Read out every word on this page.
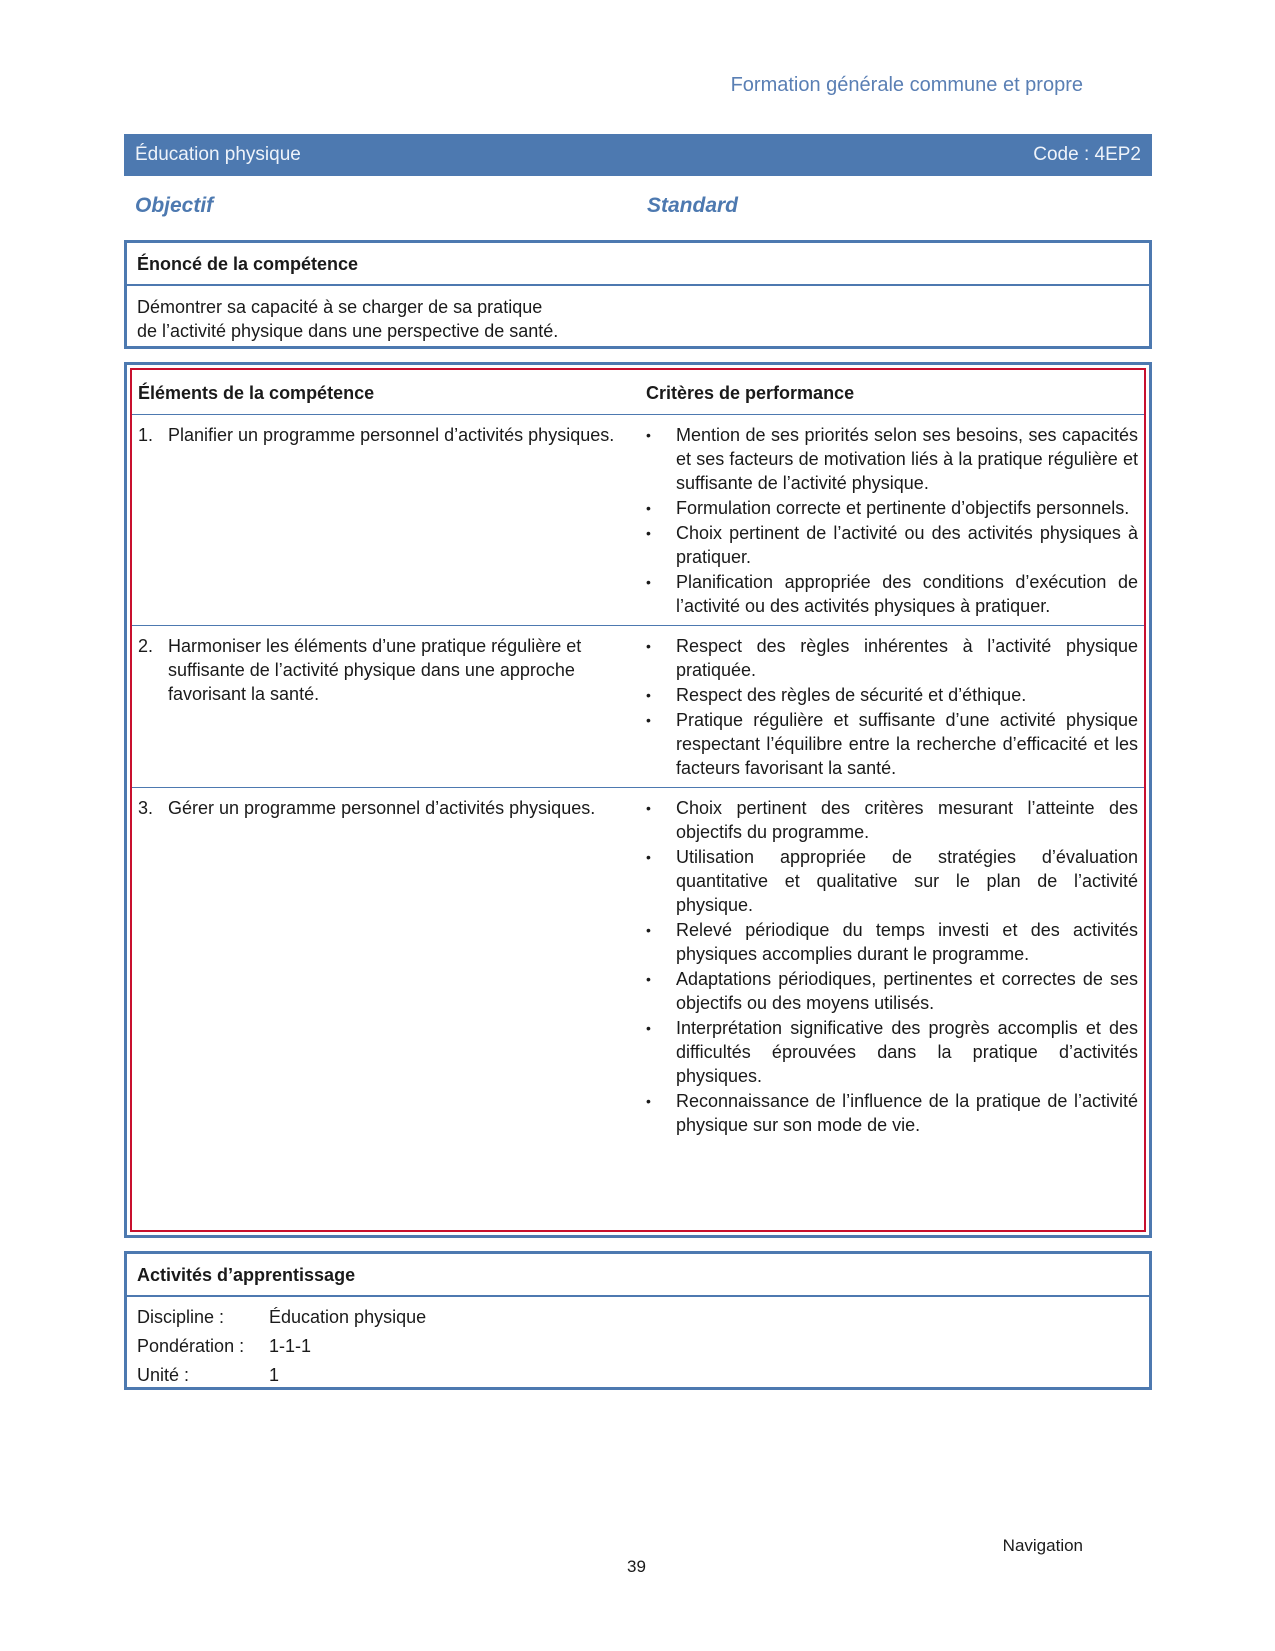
Formation générale commune et propre
Éducation physique	Code : 4EP2
Objectif	Standard
Énoncé de la compétence
Démontrer sa capacité à se charger de sa pratique
de l’activité physique dans une perspective de santé.
Éléments de la compétence	Critères de performance
1. Planifier un programme personnel d’activités physiques.	•	Mention de ses priorités selon ses besoins, ses capacités et ses facteurs de motivation liés à la pratique régulière et suffisante de l’activité physique.
•	Formulation correcte et pertinente d’objectifs personnels.
•	Choix pertinent de l’activité ou des activités physiques à pratiquer.
•	Planification appropriée des conditions d’exécution de l’activité ou des activités physiques à pratiquer.
2. Harmoniser les éléments d’une pratique régulière et suffisante de l’activité physique dans une approche favorisant la santé.
•	Respect des règles inhérentes à l’activité physique pratiquée.
•	Respect des règles de sécurité et d’éthique.
•	Pratique régulière et suffisante d’une activité physique respectant l’équilibre entre la recherche d’efficacité et les facteurs favorisant la santé.
3. Gérer un programme personnel d’activités physiques.	•	Choix pertinent des critères mesurant l’atteinte des objectifs du programme.
•	Utilisation appropriée de stratégies d’évaluation quantitative et qualitative sur le plan de l’activité physique.
•	Relevé périodique du temps investi et des activités physiques accomplies durant le programme.
•	Adaptations périodiques, pertinentes et correctes de ses objectifs ou des moyens utilisés.
•	Interprétation significative des progrès accomplis et des difficultés éprouvées dans la pratique d’activités physiques.
•	Reconnaissance de l’influence de la pratique de l’activité physique sur son mode de vie.
Activités d’apprentissage
Discipline :	Éducation physique
Pondération :	1-1-1
Unité :	1
Navigation
39
